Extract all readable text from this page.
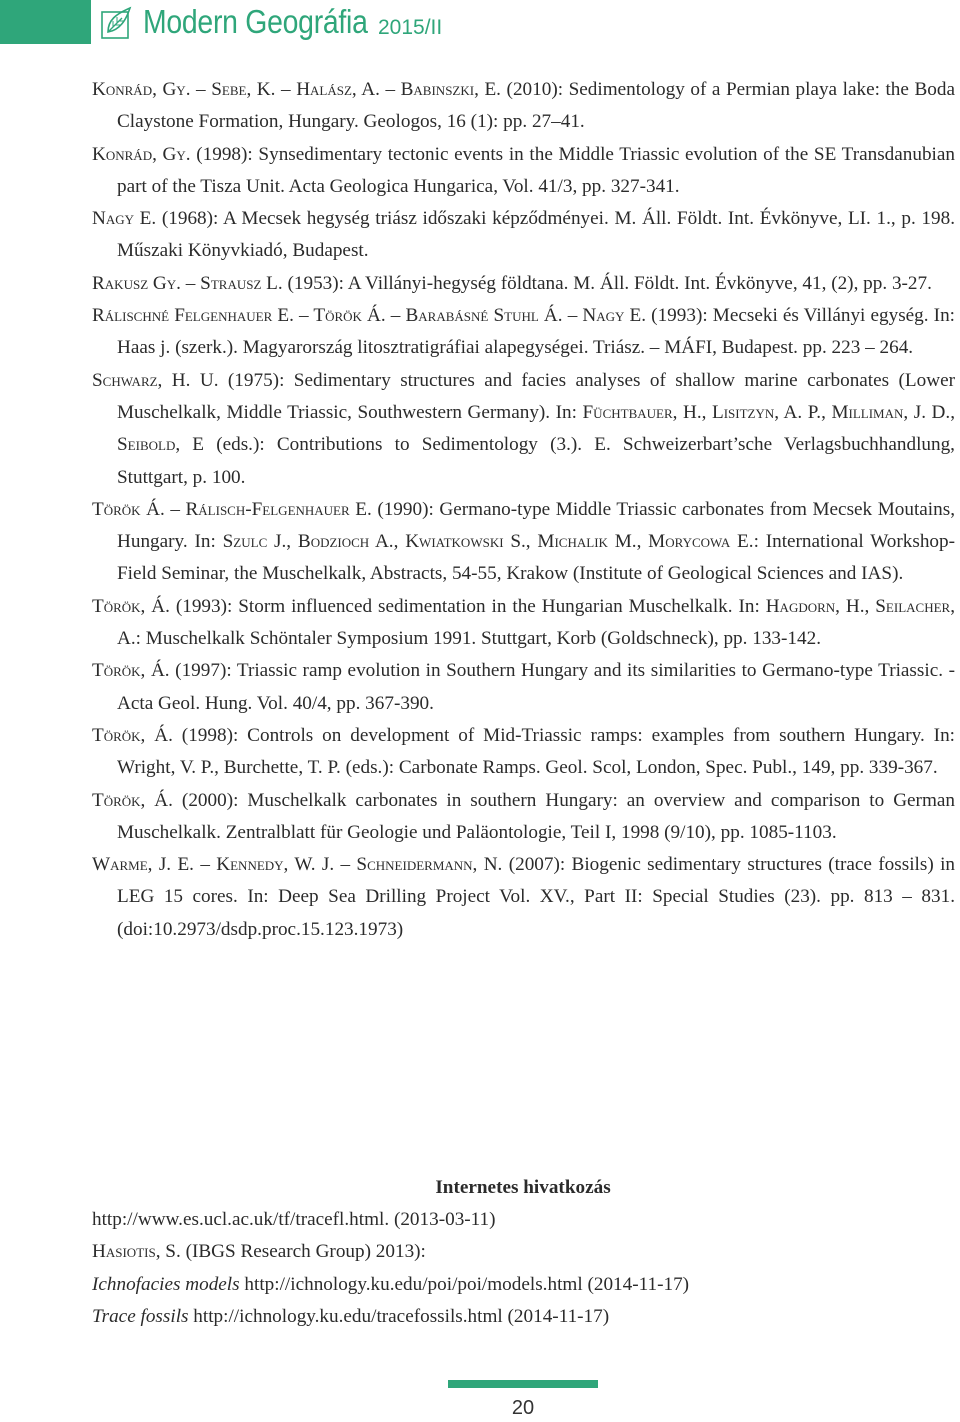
Modern Geográfia 2015/II

Konrád, Gy. – Sebe, K. – Halász, A. – Babinszki, E. (2010): Sedimentology of a Permian playa lake: the Boda Claystone Formation, Hungary. Geologos, 16 (1): pp. 27–41.

Konrád, Gy. (1998): Synsedimentary tectonic events in the Middle Triassic evolution of the SE Transdanubian part of the Tisza Unit. Acta Geologica Hungarica, Vol. 41/3, pp. 327-341.

Nagy E. (1968): A Mecsek hegység triász időszaki képződményei. M. Áll. Földt. Int. Évkönyve, LI. 1., p. 198. Műszaki Könyvkiadó, Budapest.

Rakusz Gy. – Strausz L. (1953): A Villányi-hegység földtana. M. Áll. Földt. Int. Évkönyve, 41, (2), pp. 3-27.

Rálischné Felgenhauer E. – Török Á. – Barabásné Stuhl Á. – Nagy E. (1993): Mecseki és Villányi egység. In: Haas j. (szerk.). Magyarország litosztratigráfiai alapegységei. Triász. – MÁFI, Budapest. pp. 223 – 264.

Schwarz, H. U. (1975): Sedimentary structures and facies analyses of shallow marine carbonates (Lower Muschelkalk, Middle Triassic, Southwestern Germany). In: Füchtbauer, H., Lisitzyn, A. P., Milliman, J. D., Seibold, E (eds.): Contributions to Sedimentology (3.). E. Schweizerbart’sche Verlagsbuchhandlung, Stuttgart, p. 100.

Török Á. – Rálisch-Felgenhauer E. (1990): Germano-type Middle Triassic carbonates from Mecsek Moutains, Hungary. In: Szulc J., Bodzioch A., Kwiatkowski S., Michalik M., Morycowa E.: International Workshop-Field Seminar, the Muschelkalk, Abstracts, 54-55, Krakow (Institute of Geological Sciences and IAS).

Török, Á. (1993): Storm influenced sedimentation in the Hungarian Muschelkalk. In: Hagdorn, H., Seilacher, A.: Muschelkalk Schöntaler Symposium 1991. Stuttgart, Korb (Goldschneck), pp. 133-142.

Török, Á. (1997): Triassic ramp evolution in Southern Hungary and its similarities to Germano-type Triassic. - Acta Geol. Hung. Vol. 40/4, pp. 367-390.

Török, Á. (1998): Controls on development of Mid-Triassic ramps: examples from southern Hungary. In: Wright, V. P., Burchette, T. P. (eds.): Carbonate Ramps. Geol. Scol, London, Spec. Publ., 149, pp. 339-367.

Török, Á. (2000): Muschelkalk carbonates in southern Hungary: an overview and comparison to German Muschelkalk. Zentralblatt für Geologie und Paläontologie, Teil I, 1998 (9/10), pp. 1085-1103.

Warme, J. E. – Kennedy, W. J. – Schneidermann, N. (2007): Biogenic sedimentary structures (trace fossils) in LEG 15 cores. In: Deep Sea Drilling Project Vol. XV., Part II: Special Studies (23). pp. 813 – 831. (doi:10.2973/dsdp.proc.15.123.1973)

Internetes hivatkozás

http://www.es.ucl.ac.uk/tf/tracefl.html. (2013-03-11)

Hasiotis, S. (IBGS Research Group) 2013):

Ichnofacies models http://ichnology.ku.edu/poi/poi/models.html (2014-11-17)

Trace fossils http://ichnology.ku.edu/tracefossils.html (2014-11-17)

20
